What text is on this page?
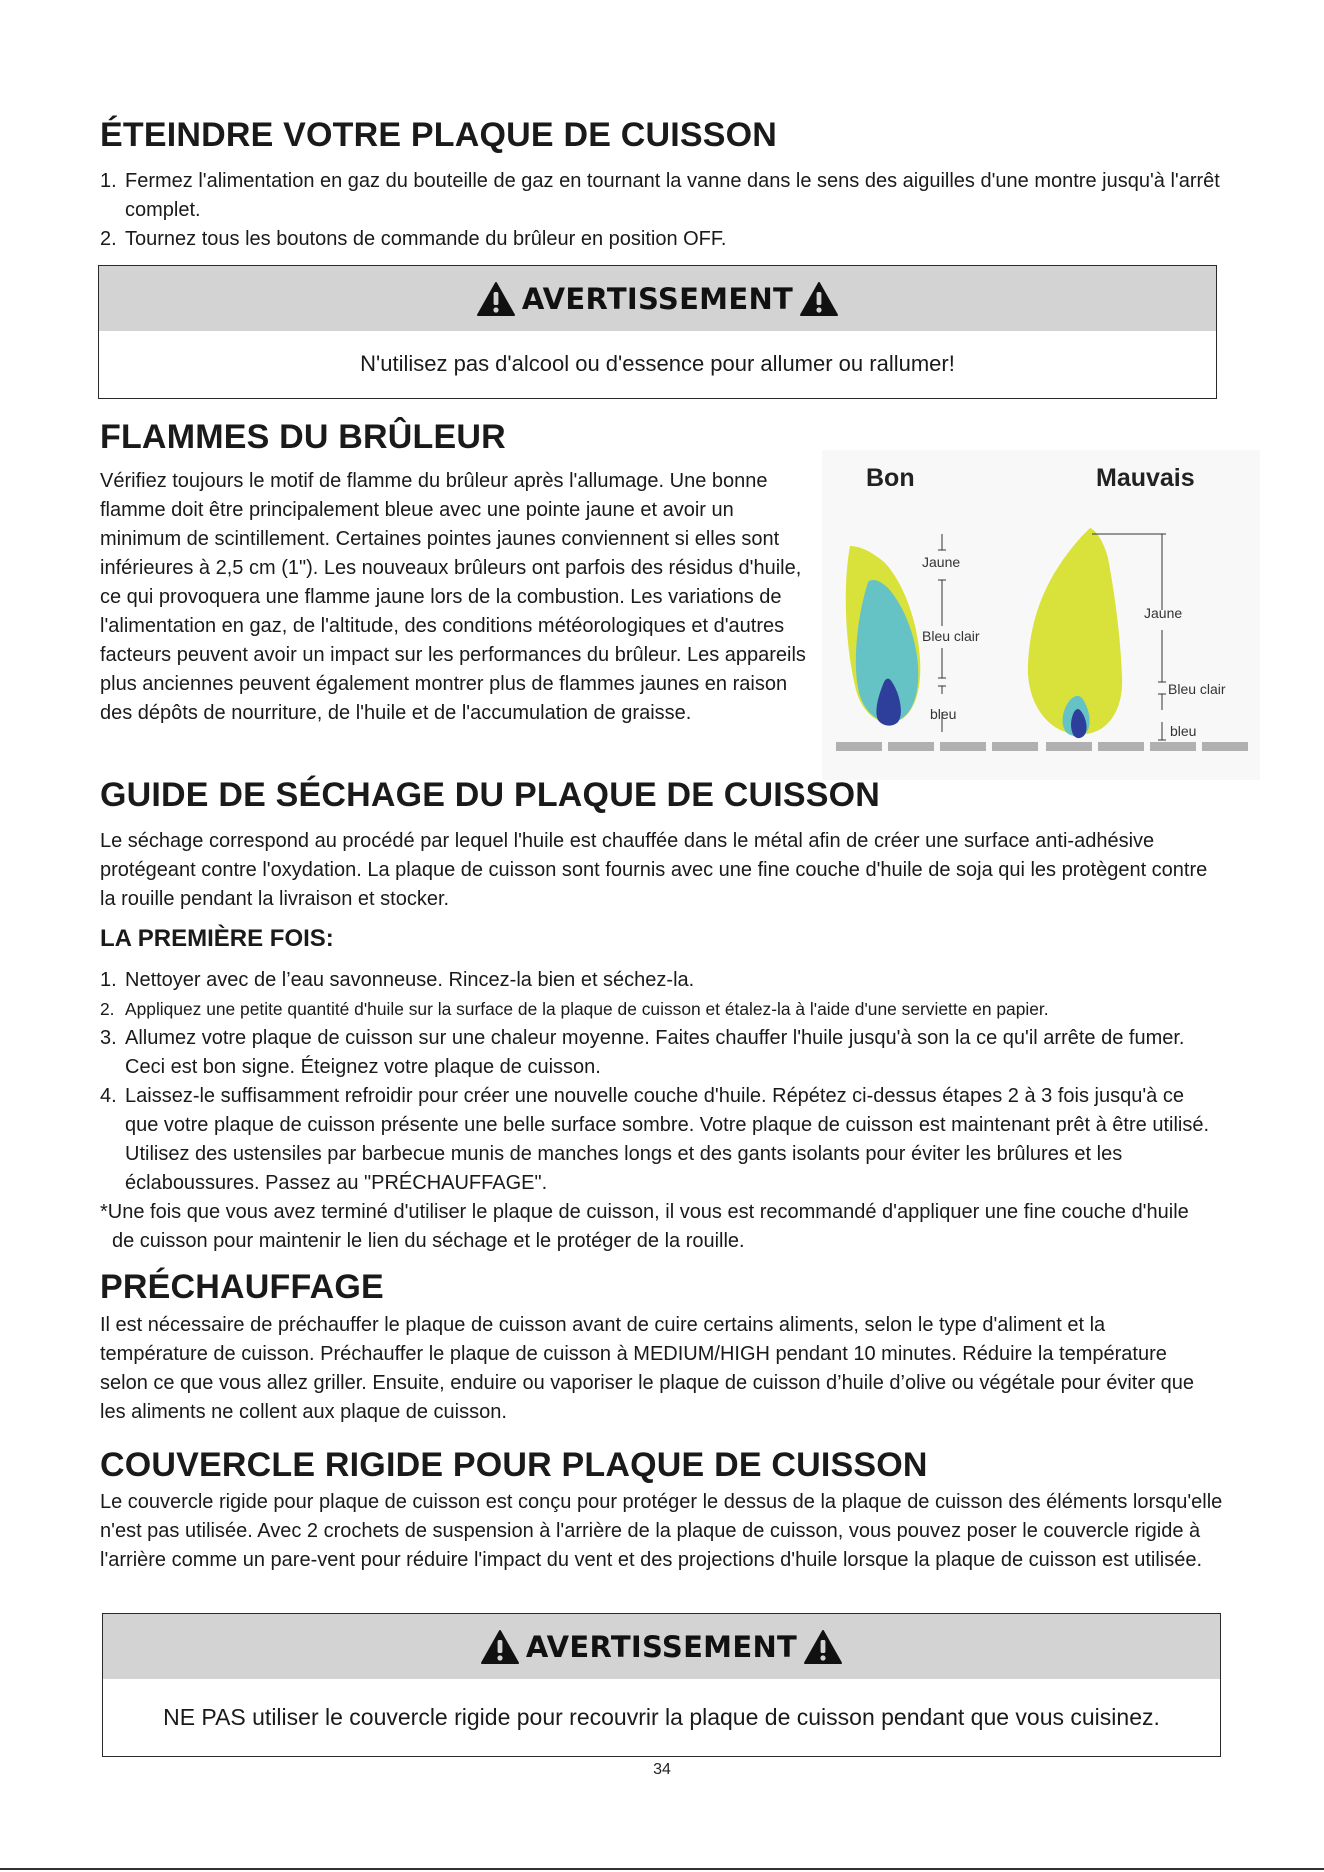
ÉTEINDRE VOTRE PLAQUE DE CUISSON
1. Fermez l'alimentation en gaz du bouteille de gaz en tournant la vanne dans le sens des aiguilles d'une montre jusqu'à l'arrêt complet.
2. Tournez tous les boutons de commande du brûleur en position OFF.
AVERTISSEMENT
N'utilisez pas d'alcool ou d'essence pour allumer ou rallumer!
FLAMMES DU BRÛLEUR
Vérifiez toujours le motif de flamme du brûleur après l'allumage. Une bonne flamme doit être principalement bleue avec une pointe jaune et avoir un minimum de scintillement. Certaines pointes jaunes conviennent si elles sont inférieures à 2,5 cm (1"). Les nouveaux brûleurs ont parfois des résidus d'huile, ce qui provoquera une flamme jaune lors de la combustion. Les variations de l'alimentation en gaz, de l'altitude, des conditions météorologiques et d'autres facteurs peuvent avoir un impact sur les performances du brûleur. Les appareils plus anciennes peuvent également montrer plus de flammes jaunes en raison des dépôts de nourriture, de l'huile et de l'accumulation de graisse.
Bon	Mauvais
Jaune
Bleu clair
bleu
Jaune
Bleu clair
bleu
GUIDE DE SÉCHAGE DU PLAQUE DE CUISSON
Le séchage correspond au procédé par lequel l'huile est chauffée dans le métal afin de créer une surface anti-adhésive protégeant contre l'oxydation. La plaque de cuisson sont fournis avec une fine couche d'huile de soja qui les protègent contre la rouille pendant la livraison et stocker.
LA PREMIÈRE FOIS:
1. Nettoyer avec de l’eau savonneuse. Rincez-la bien et séchez-la.
2. Appliquez une petite quantité d'huile sur la surface de la plaque de cuisson et étalez-la à l'aide d'une serviette en papier.
3. Allumez votre plaque de cuisson sur une chaleur moyenne. Faites chauffer l'huile jusqu'à son la ce qu'il arrête de fumer. Ceci est bon signe. Éteignez votre plaque de cuisson.
4. Laissez-le suffisamment refroidir pour créer une nouvelle couche d'huile. Répétez ci-dessus étapes 2 à 3 fois jusqu'à ce que votre plaque de cuisson présente une belle surface sombre. Votre plaque de cuisson est maintenant prêt à être utilisé. Utilisez des ustensiles par barbecue munis de manches longs et des gants isolants pour éviter les brûlures et les éclaboussures. Passez au "PRÉCHAUFFAGE".
*Une fois que vous avez terminé d'utiliser le plaque de cuisson, il vous est recommandé d'appliquer une fine couche d'huile de cuisson pour maintenir le lien du séchage et le protéger de la rouille.
PRÉCHAUFFAGE
Il est nécessaire de préchauffer le plaque de cuisson avant de cuire certains aliments, selon le type d'aliment et la température de cuisson. Préchauffer le plaque de cuisson à MEDIUM/HIGH pendant 10 minutes. Réduire la température selon ce que vous allez griller. Ensuite, enduire ou vaporiser le plaque de cuisson d’huile d’olive ou végétale pour éviter que les aliments ne collent aux plaque de cuisson.
COUVERCLE RIGIDE POUR PLAQUE DE CUISSON
Le couvercle rigide pour plaque de cuisson est conçu pour protéger le dessus de la plaque de cuisson des éléments lorsqu'elle n'est pas utilisée. Avec 2 crochets de suspension à l'arrière de la plaque de cuisson, vous pouvez poser le couvercle rigide à l'arrière comme un pare-vent pour réduire l'impact du vent et des projections d'huile lorsque la plaque de cuisson est utilisée.
AVERTISSEMENT
NE PAS utiliser le couvercle rigide pour recouvrir la plaque de cuisson pendant que vous cuisinez.
34
